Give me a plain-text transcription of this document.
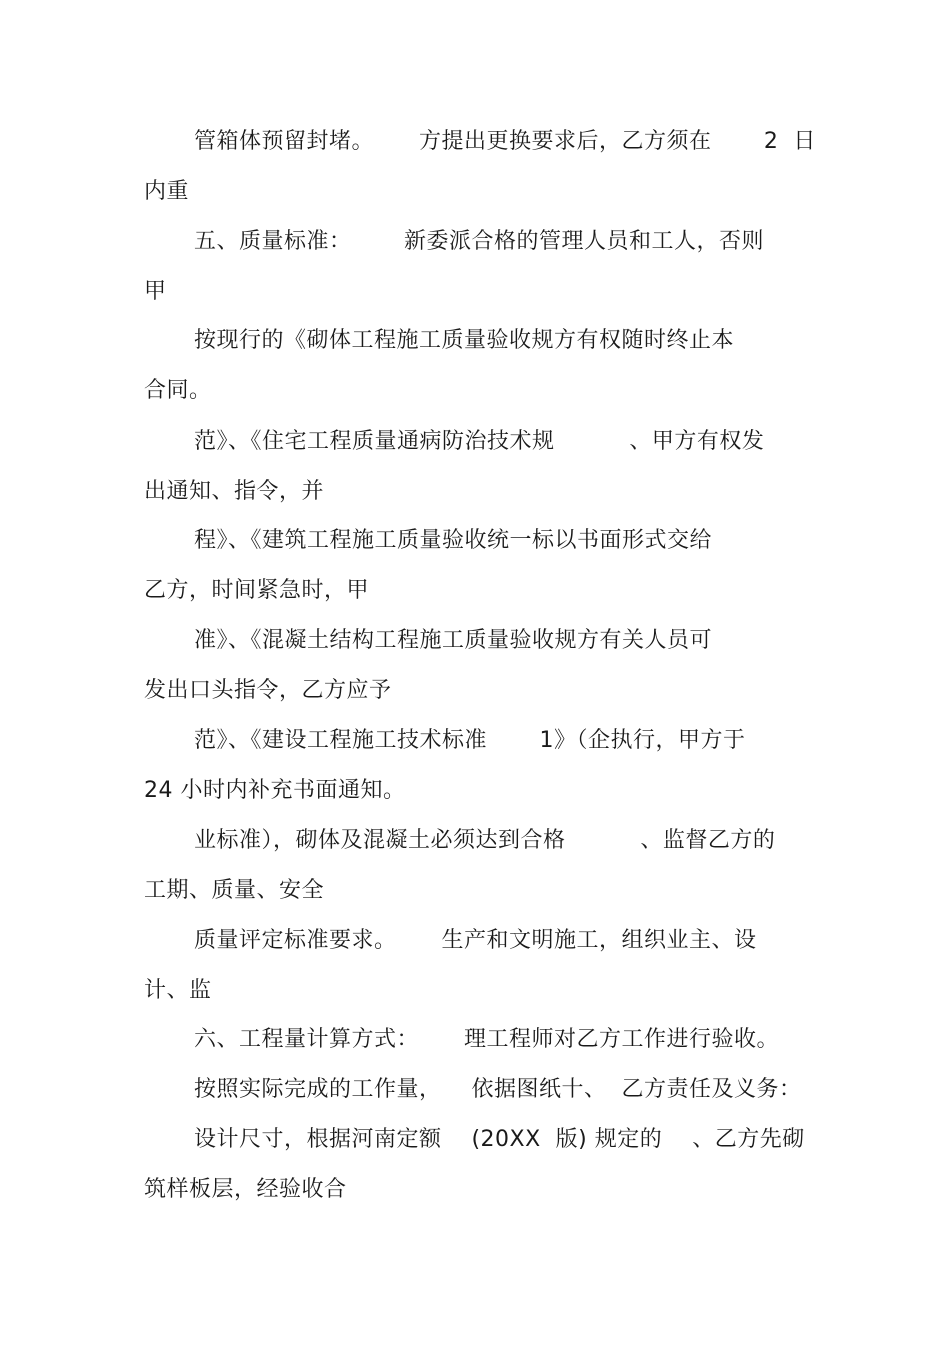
管箱体预留封堵。      方提出更换要求后，乙方须在       2  日
内重
五、质量标准：       新委派合格的管理人员和工人，否则
甲
按现行的《砌体工程施工质量验收规方有权随时终止本
合同。
范》、《住宅工程质量通病防治技术规          、甲方有权发
出通知、指令，并
程》、《建筑工程施工质量验收统一标以书面形式交给
乙方，时间紧急时，甲
准》、《混凝土结构工程施工质量验收规方有关人员可
发出口头指令，乙方应予
范》、《建设工程施工技术标准       1》（企执行，甲方于
24 小时内补充书面通知。
业标准），砌体及混凝土必须达到合格          、监督乙方的
工期、质量、安全
质量评定标准要求。      生产和文明施工，组织业主、设
计、监
六、工程量计算方式：      理工程师对乙方工作进行验收。
按照实际完成的工作量，    依据图纸十、  乙方责任及义务：
设计尺寸，根据河南定额    (20XX  版) 规定的    、乙方先砌
筑样板层，经验收合
